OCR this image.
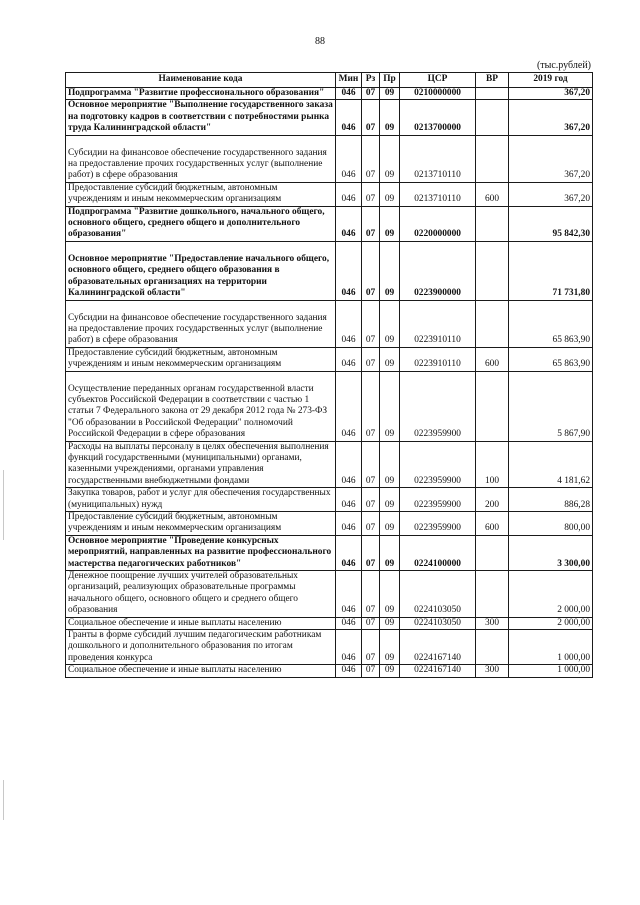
88
(тыс.рублей)
Наименование кода	Мин	Рз	Пр	ЦСР	ВР	2019 год

Подпрограмма "Развитие профессионального образования"	046	07	09	0210000000		367,20

Основное мероприятие "Выполнение государственного заказа на подготовку кадров в соответствии с потребностями рынка труда Калининградской области"	046	07	09	0213700000		367,20

Субсидии на финансовое обеспечение государственного задания на предоставление прочих государственных услуг (выполнение работ) в сфере образования	046	07	09	0213710110		367,20

Предоставление субсидий бюджетным, автономным учреждениям и иным некоммерческим организациям	046	07	09	0213710110	600	367,20

Подпрограмма "Развитие дошкольного, начального общего, основного общего, среднего общего и дополнительного образования"	046	07	09	0220000000		95 842,30

Основное мероприятие "Предоставление начального общего, основного общего, среднего общего образования в образовательных организациях на территории Калининградской области"	046	07	09	0223900000		71 731,80

Субсидии на финансовое обеспечение государственного задания на предоставление прочих государственных услуг (выполнение работ) в сфере образования	046	07	09	0223910110		65 863,90

Предоставление субсидий бюджетным, автономным учреждениям и иным некоммерческим организациям	046	07	09	0223910110	600	65 863,90

Осуществление переданных органам государственной власти субъектов Российской Федерации в соответствии с частью 1 статьи 7 Федерального закона от 29 декабря 2012 года № 273-ФЗ "Об образовании в Российской Федерации" полномочий Российской Федерации в сфере образования	046	07	09	0223959900		5 867,90

Расходы на выплаты персоналу в целях обеспечения выполнения функций государственными (муниципальными) органами, казенными учреждениями, органами управления государственными внебюджетными фондами	046	07	09	0223959900	100	4 181,62

Закупка товаров, работ и услуг для обеспечения государственных (муниципальных) нужд	046	07	09	0223959900	200	886,28

Предоставление субсидий бюджетным, автономным учреждениям и иным некоммерческим организациям	046	07	09	0223959900	600	800,00

Основное мероприятие "Проведение конкурсных мероприятий, направленных на развитие профессионального мастерства педагогических работников"	046	07	09	0224100000		3 300,00

Денежное поощрение лучших учителей образовательных организаций, реализующих образовательные программы начального общего, основного общего и среднего общего образования	046	07	09	0224103050		2 000,00

Социальное обеспечение и иные выплаты населению	046	07	09	0224103050	300	2 000,00

Гранты в форме субсидий лучшим педагогическим работникам дошкольного и дополнительного образования по итогам проведения конкурса	046	07	09	0224167140		1 000,00

Социальное обеспечение и иные выплаты населению	046	07	09	0224167140	300	1 000,00
